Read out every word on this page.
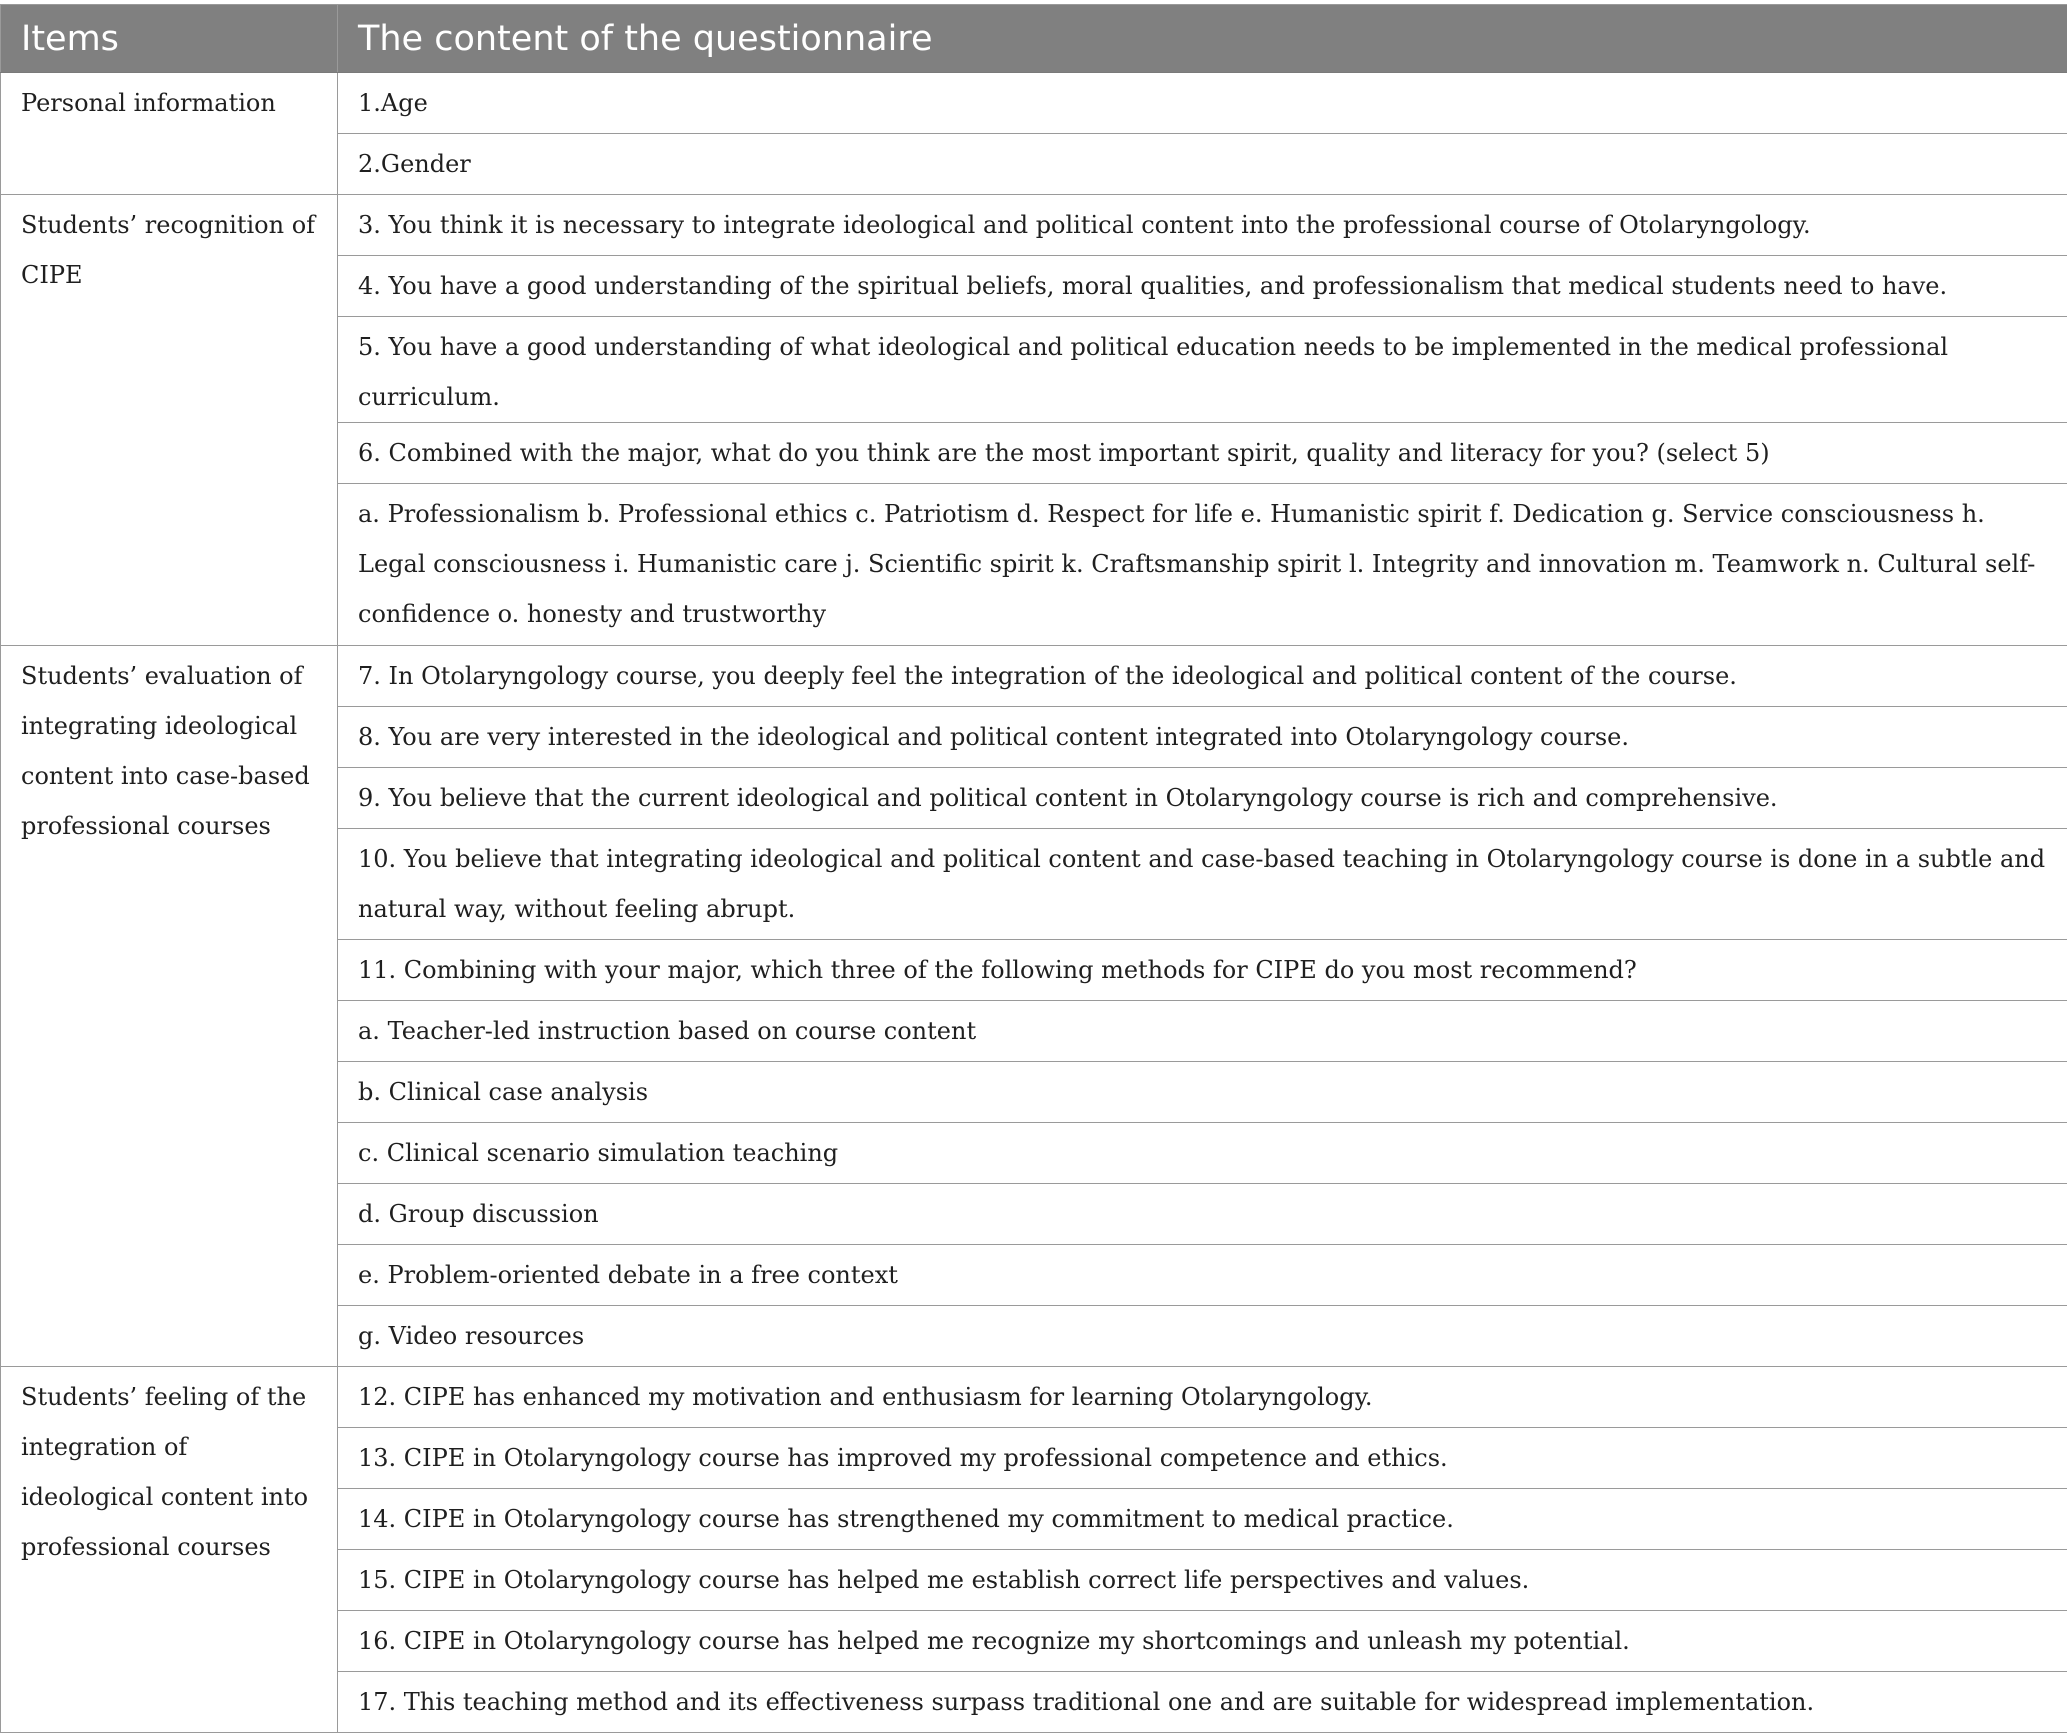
Items	The content of the questionnaire
Personal information	1.Age
	2.Gender
Students’ recognition of CIPE	3. You think it is necessary to integrate ideological and political content into the professional course of Otolaryngology.
	4. You have a good understanding of the spiritual beliefs, moral qualities, and professionalism that medical students need to have.
	5. You have a good understanding of what ideological and political education needs to be implemented in the medical professional curriculum.
	6. Combined with the major, what do you think are the most important spirit, quality and literacy for you? (select 5)
	a. Professionalism b. Professional ethics c. Patriotism d. Respect for life e. Humanistic spirit f. Dedication g. Service consciousness h. Legal consciousness i. Humanistic care j. Scientific spirit k. Craftsmanship spirit l. Integrity and innovation m. Teamwork n. Cultural self-confidence o. honesty and trustworthy
Students’ evaluation of integrating ideological content into case-based professional courses	7. In Otolaryngology course, you deeply feel the integration of the ideological and political content of the course.
	8. You are very interested in the ideological and political content integrated into Otolaryngology course.
	9. You believe that the current ideological and political content in Otolaryngology course is rich and comprehensive.
	10. You believe that integrating ideological and political content and case-based teaching in Otolaryngology course is done in a subtle and natural way, without feeling abrupt.
	11. Combining with your major, which three of the following methods for CIPE do you most recommend?
	a. Teacher-led instruction based on course content
	b. Clinical case analysis
	c. Clinical scenario simulation teaching
	d. Group discussion
	e. Problem-oriented debate in a free context
	g. Video resources
Students’ feeling of the integration of ideological content into professional courses	12. CIPE has enhanced my motivation and enthusiasm for learning Otolaryngology.
	13. CIPE in Otolaryngology course has improved my professional competence and ethics.
	14. CIPE in Otolaryngology course has strengthened my commitment to medical practice.
	15. CIPE in Otolaryngology course has helped me establish correct life perspectives and values.
	16. CIPE in Otolaryngology course has helped me recognize my shortcomings and unleash my potential.
	17. This teaching method and its effectiveness surpass traditional one and are suitable for widespread implementation.
